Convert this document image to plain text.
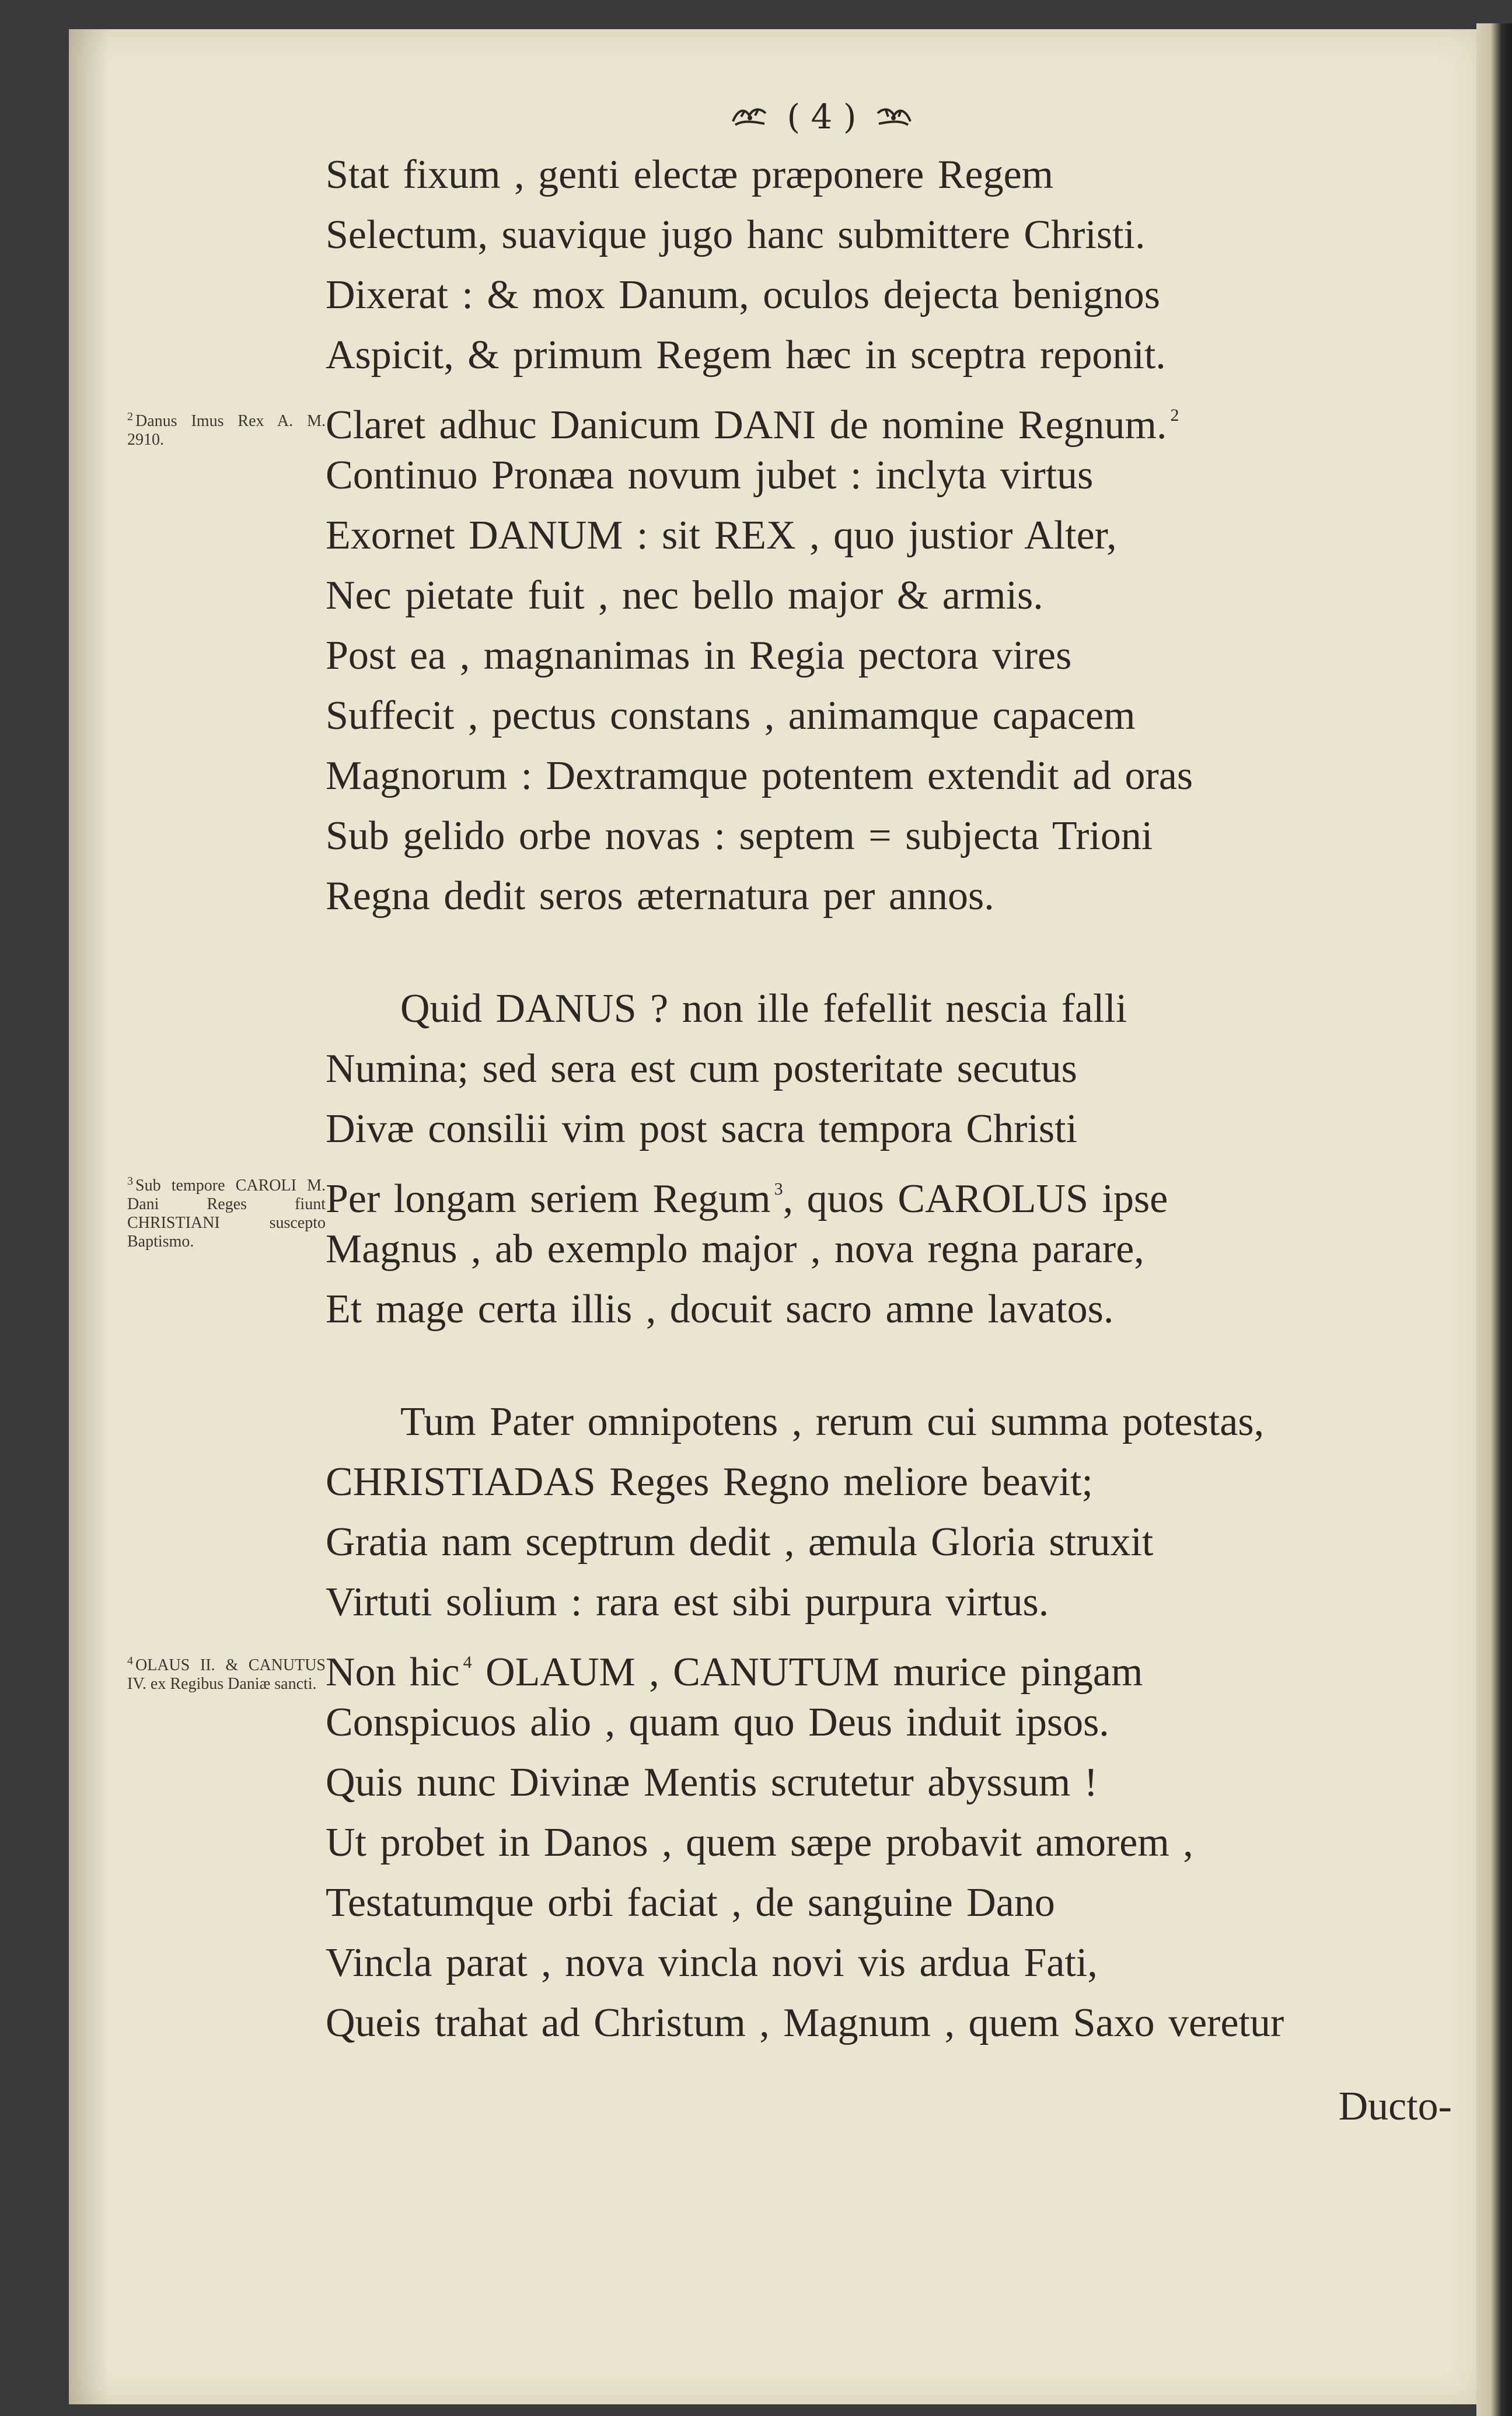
( 4 )
Stat fixum , genti electæ præponere Regem
Selectum, suavique jugo hanc submittere Christi.
Dixerat : & mox Danum, oculos dejecta benignos
Aspicit, & primum Regem hæc in sceptra reponit.
Claret adhuc Danicum DANI de nomine Regnum. $^2$
Continuo Pronæa novum jubet : inclyta virtus
Exornet DANUM : sit REX , quo justior Alter,
Nec pietate fuit , nec bello major & armis.
Post ea , magnanimas in Regia pectora vires
Suffecit , pectus constans , animamque capacem
Magnorum : Dextramque potentem extendit ad oras
Sub gelido orbe novas : septem = subjecta Trioni
Regna dedit seros æternatura per annos.
Quid DANUS ? non ille fefellit nescia falli
Numina; sed sera est cum posteritate secutus
Divæ consilii vim post sacra tempora Christi
Per longam seriem Regum $^3$, quos CAROLUS ipse
Magnus , ab exemplo major , nova regna parare,
Et mage certa illis , docuit sacro amne lavatos.
Tum Pater omnipotens , rerum cui summa potestas,
CHRISTIADAS Reges Regno meliore beavit;
Gratia nam sceptrum dedit , æmula Gloria struxit
Virtuti solium : rara est sibi purpura virtus.
Non hic $^4$ OLAUM , CANUTUM murice pingam
Conspicuos alio , quam quo Deus induit ipsos.
Quis nunc Divinæ Mentis scrutetur abyssum !
Ut probet in Danos , quem sæpe probavit amorem ,
Testatumque orbi faciat , de sanguine Dano
Vincla parat , nova vincla novi vis ardua Fati,
Queis trahat ad Christum , Magnum , quem Saxo veretur
$^2$ Danus Imus Rex A. M. 2910.
$^3$ Sub tempore CAROLI M. Dani Reges fiunt CHRISTIANI suscepto Baptismo.
$^4$ OLAUS II. & CANUTUS IV. ex Regibus Daniæ sancti.
Ducto-
